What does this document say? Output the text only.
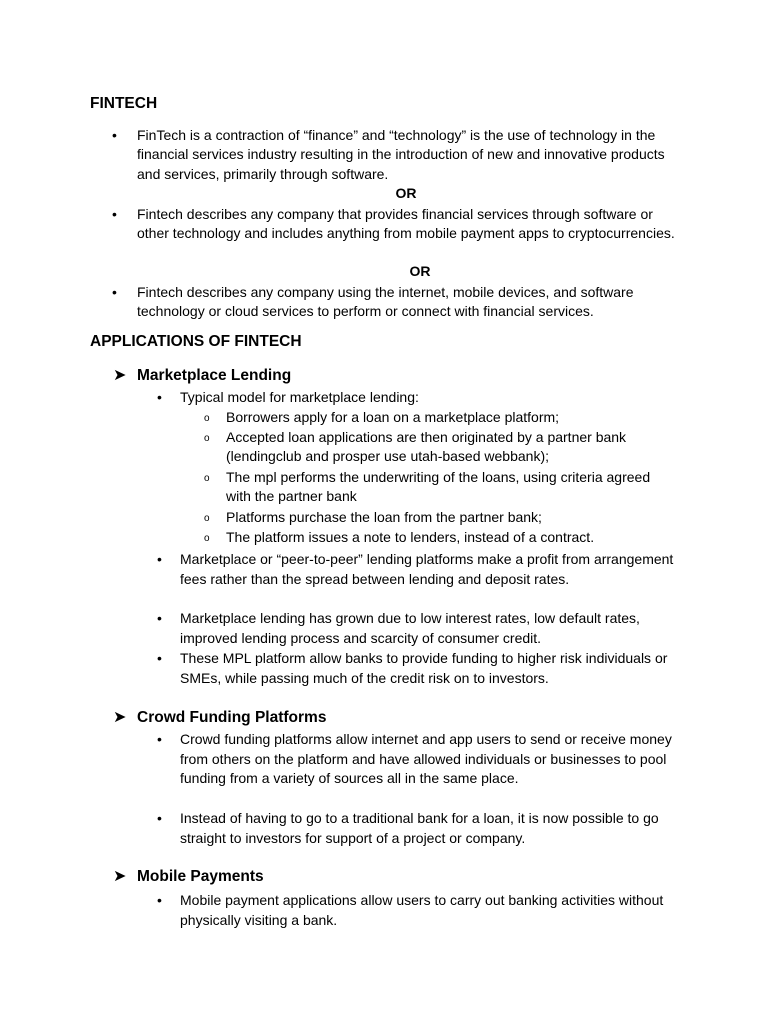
FINTECH
• FinTech is a contraction of “finance” and “technology” is the use of technology in the financial services industry resulting in the introduction of new and innovative products and services, primarily through software.
OR
• Fintech describes any company that provides financial services through software or other technology and includes anything from mobile payment apps to cryptocurrencies.
OR
• Fintech describes any company using the internet, mobile devices, and software technology or cloud services to perform or connect with financial services.
APPLICATIONS OF FINTECH
➤ Marketplace Lending
• Typical model for marketplace lending:
o Borrowers apply for a loan on a marketplace platform;
o Accepted loan applications are then originated by a partner bank (lendingclub and prosper use utah-based webbank);
o The mpl performs the underwriting of the loans, using criteria agreed with the partner bank
o Platforms purchase the loan from the partner bank;
o The platform issues a note to lenders, instead of a contract.
• Marketplace or “peer-to-peer” lending platforms make a profit from arrangement fees rather than the spread between lending and deposit rates.
• Marketplace lending has grown due to low interest rates, low default rates, improved lending process and scarcity of consumer credit.
• These MPL platform allow banks to provide funding to higher risk individuals or SMEs, while passing much of the credit risk on to investors.
➤ Crowd Funding Platforms
• Crowd funding platforms allow internet and app users to send or receive money from others on the platform and have allowed individuals or businesses to pool funding from a variety of sources all in the same place.
• Instead of having to go to a traditional bank for a loan, it is now possible to go straight to investors for support of a project or company.
➤ Mobile Payments
• Mobile payment applications allow users to carry out banking activities without physically visiting a bank.
